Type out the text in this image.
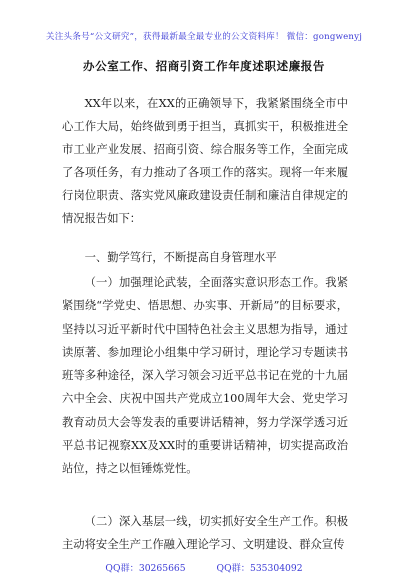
关注头条号“公文研究”，获得最新最全最专业的公文资料库！ 微信：gongwenyj
办公室工作、招商引资工作年度述职述廉报告

XX年以来，在XX的正确领导下，我紧紧围绕全市中心工作大局，始终做到勇于担当，真抓实干，积极推进全市工业产业发展、招商引资、综合服务等工作，全面完成了各项任务，有力推动了各项工作的落实。现将一年来履行岗位职责、落实党风廉政建设责任制和廉洁自律规定的情况报告如下：

一、勤学笃行，不断提高自身管理水平

（一）加强理论武装，全面落实意识形态工作。我紧紧围绕“学党史、悟思想、办实事、开新局”的目标要求，坚持以习近平新时代中国特色社会主义思想为指导，通过读原著、参加理论小组集中学习研讨，理论学习专题读书班等多种途径，深入学习领会习近平总书记在党的十九届六中全会、庆祝中国共产党成立100周年大会、党史学习教育动员大会等发表的重要讲话精神，努力学深学透习近平总书记视察XX及XX时的重要讲话精神，切实提高政治站位，持之以恒锤炼党性。

（二）深入基层一线，切实抓好安全生产工作。积极主动将安全生产工作融入理论学习、文明建设、群众宣传

QQ群：30265665	QQ群：535304092
